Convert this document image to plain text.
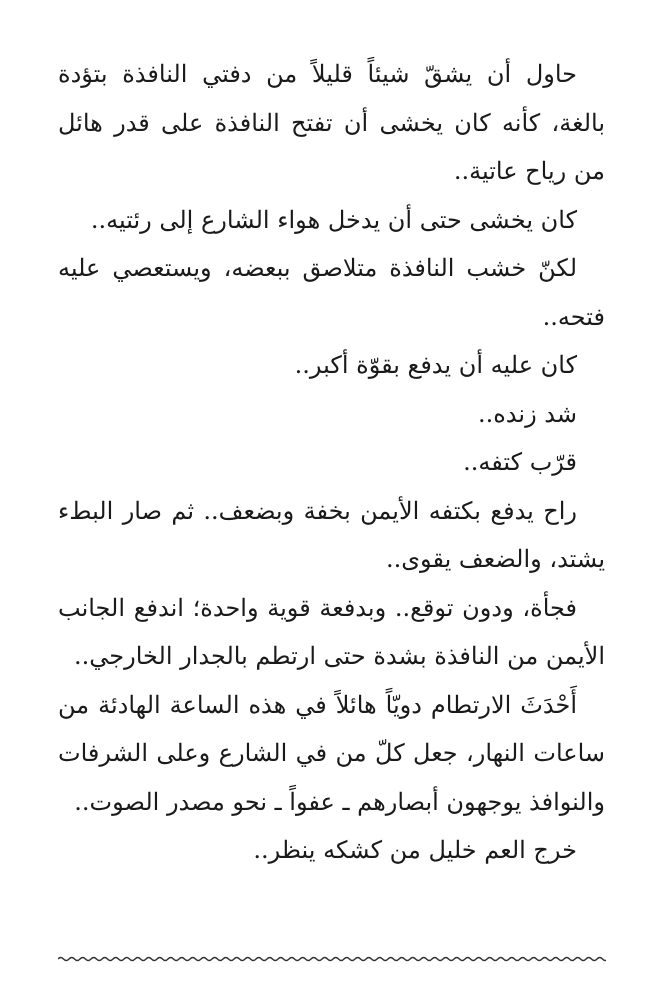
حاول أن يشقّ شيئاً قليلاً من دفتي النافذة بتؤدة بالغة، كأنه كان يخشى أن تفتح النافذة على قدر هائل من رياح عاتية..

كان يخشى حتى أن يدخل هواء الشارع إلى رئتيه..

لكنّ خشب النافذة متلاصق ببعضه، ويستعصي عليه فتحه..

كان عليه أن يدفع بقوّة أكبر..

شد زنده..

قرّب كتفه..

راح يدفع بكتفه الأيمن بخفة وبضعف.. ثم صار البطء يشتد، والضعف يقوى..

فجأة، ودون توقع.. وبدفعة قوية واحدة؛ اندفع الجانب الأيمن من النافذة بشدة حتى ارتطم بالجدار الخارجي..

أَحْدَثَ الارتطام دويّاً هائلاً في هذه الساعة الهادئة من ساعات النهار، جعل كلّ من في الشارع وعلى الشرفات والنوافذ يوجهون أبصارهم ـ عفواً ـ نحو مصدر الصوت..

خرج العم خليل من كشكه ينظر..
